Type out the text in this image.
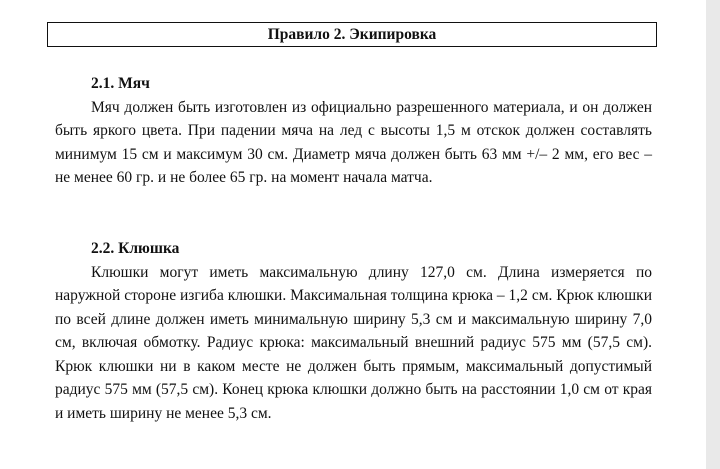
Правило 2. Экипировка
2.1. Мяч

Мяч должен быть изготовлен из официально разрешенного материала, и он должен быть яркого цвета. При падении мяча на лед с высоты 1,5 м отскок должен составлять минимум 15 см и максимум 30 см. Диаметр мяча должен быть 63 мм +/– 2 мм, его вес – не менее 60 гр. и не более 65 гр. на момент начала матча.

2.2. Клюшка

Клюшки могут иметь максимальную длину 127,0 см. Длина измеряется по наружной стороне изгиба клюшки. Максимальная толщина крюка – 1,2 см. Крюк клюшки по всей длине должен иметь минимальную ширину 5,3 см и максимальную ширину 7,0 см, включая обмотку. Радиус крюка: максимальный внешний радиус 575 мм (57,5 см). Крюк клюшки ни в каком месте не должен быть прямым, максимальный допустимый радиус 575 мм (57,5 см). Конец крюка клюшки должно быть на расстоянии 1,0 см от края и иметь ширину не менее 5,3 см.
